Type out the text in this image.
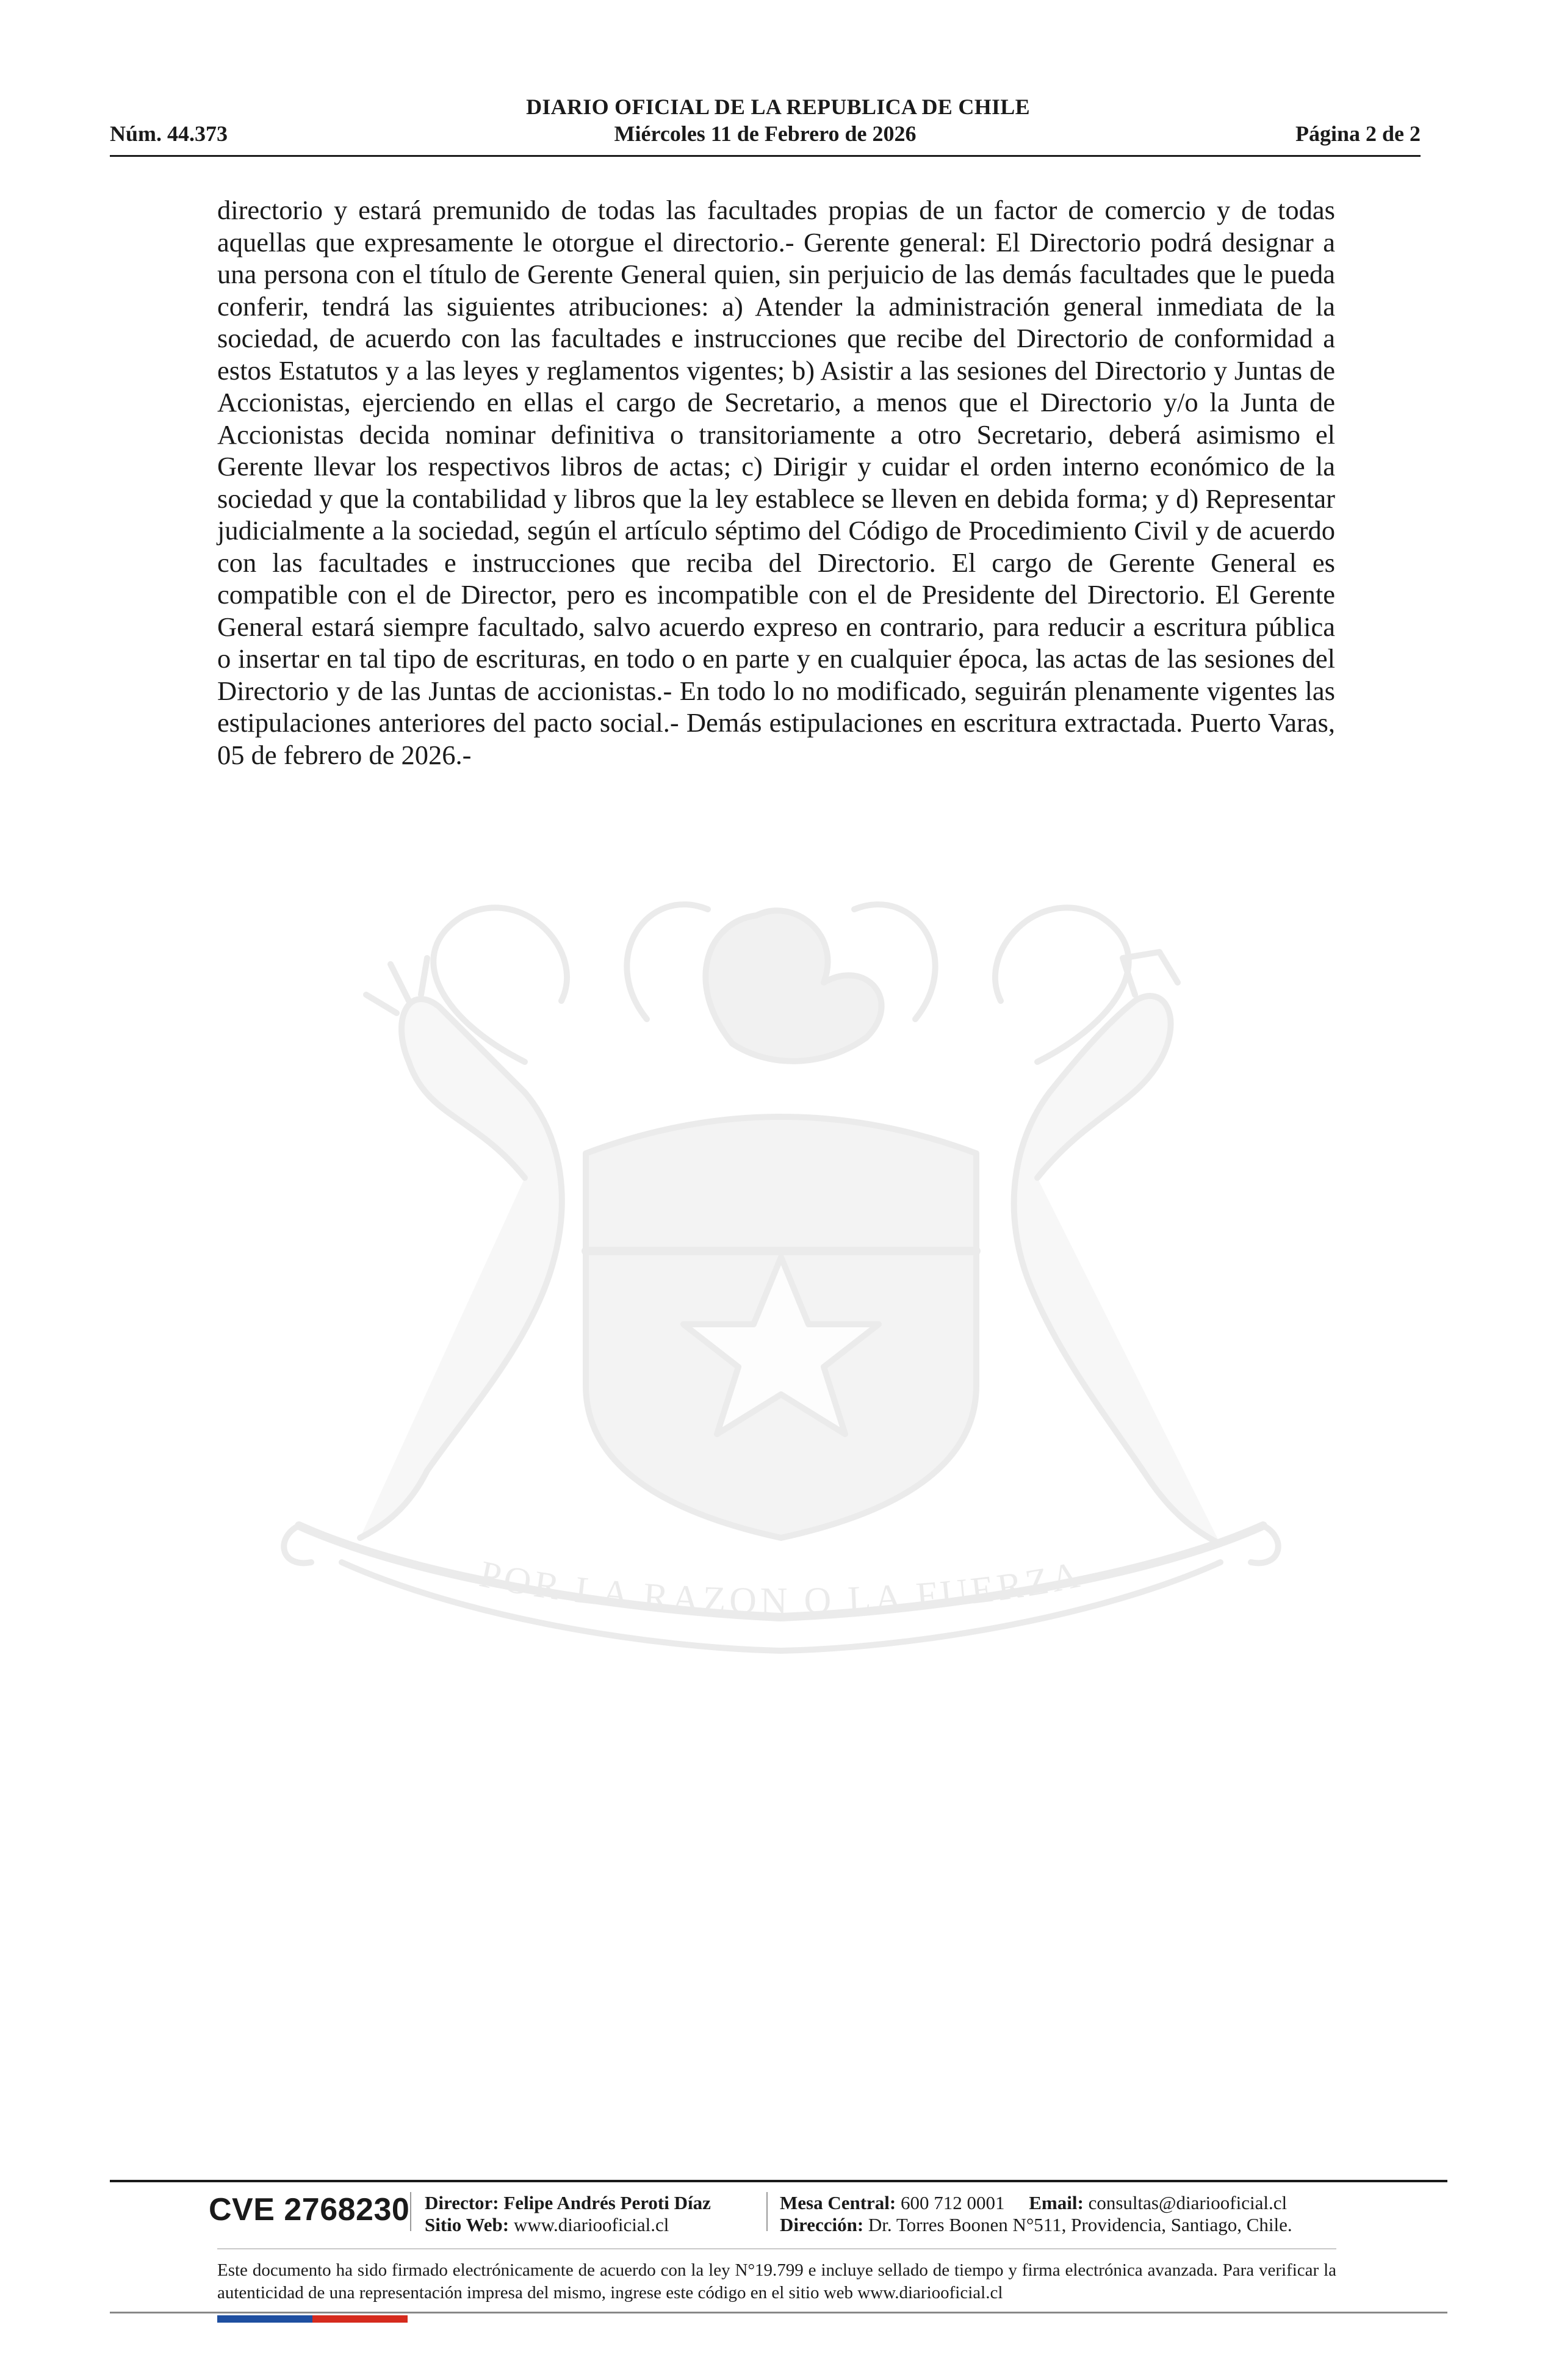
DIARIO OFICIAL DE LA REPUBLICA DE CHILE
Núm. 44.373	Miércoles 11 de Febrero de 2026	Página 2 de 2

directorio y estará premunido de todas las facultades propias de un factor de comercio y de todas aquellas que expresamente le otorgue el directorio.- Gerente general: El Directorio podrá designar a una persona con el título de Gerente General quien, sin perjuicio de las demás facultades que le pueda conferir, tendrá las siguientes atribuciones: a) Atender la administración general inmediata de la sociedad, de acuerdo con las facultades e instrucciones que recibe del Directorio de conformidad a estos Estatutos y a las leyes y reglamentos vigentes; b) Asistir a las sesiones del Directorio y Juntas de Accionistas, ejerciendo en ellas el cargo de Secretario, a menos que el Directorio y/o la Junta de Accionistas decida nominar definitiva o transitoriamente a otro Secretario, deberá asimismo el Gerente llevar los respectivos libros de actas; c) Dirigir y cuidar el orden interno económico de la sociedad y que la contabilidad y libros que la ley establece se lleven en debida forma; y d) Representar judicialmente a la sociedad, según el artículo séptimo del Código de Procedimiento Civil y de acuerdo con las facultades e instrucciones que reciba del Directorio. El cargo de Gerente General es compatible con el de Director, pero es incompatible con el de Presidente del Directorio. El Gerente General estará siempre facultado, salvo acuerdo expreso en contrario, para reducir a escritura pública o insertar en tal tipo de escrituras, en todo o en parte y en cualquier época, las actas de las sesiones del Directorio y de las Juntas de accionistas.- En todo lo no modificado, seguirán plenamente vigentes las estipulaciones anteriores del pacto social.- Demás estipulaciones en escritura extractada. Puerto Varas, 05 de febrero de 2026.-

POR LA RAZON O LA FUERZA
CVE 2768230 Director: Felipe Andrés Peroti Díaz
Sitio Web: www.diariooficial.cl
Mesa Central: 600 712 0001 Email: consultas@diariooficial.cl
Dirección: Dr. Torres Boonen N°511, Providencia, Santiago, Chile.

Este documento ha sido firmado electrónicamente de acuerdo con la ley N°19.799 e incluye sellado de tiempo y firma electrónica avanzada. Para verificar la autenticidad de una representación impresa del mismo, ingrese este código en el sitio web www.diariooficial.cl
